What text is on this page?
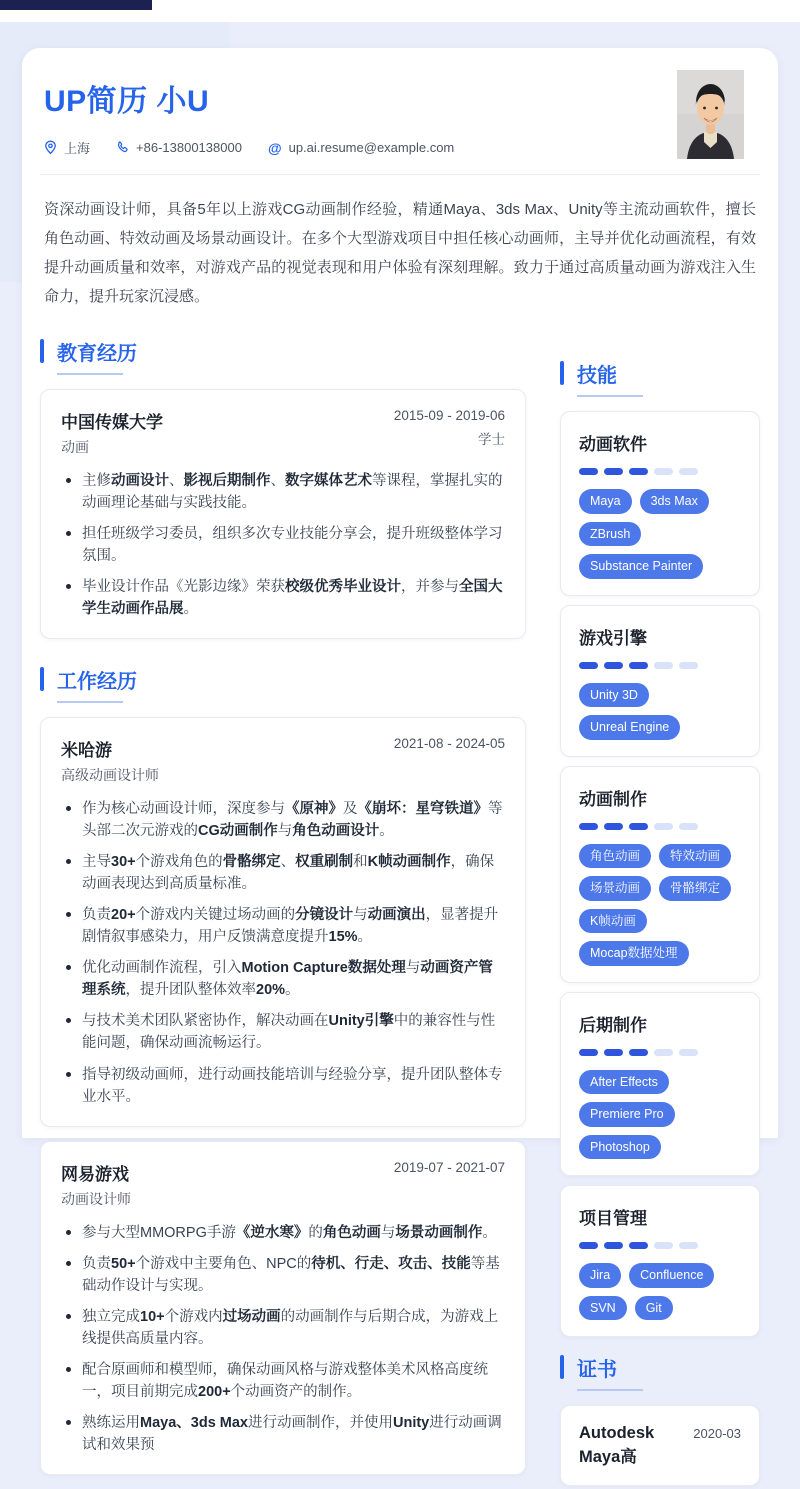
UP简历 小U
上海	+86-13800138000 @ up.ai.resume@example.com

资深动画设计师，具备5年以上游戏CG动画制作经验，精通Maya、3ds Max、Unity等主流动画软件，擅长角色动画、特效动画及场景动画设计。在多个大型游戏项目中担任核心动画师，主导并优化动画流程，有效提升动画质量和效率，对游戏产品的视觉表现和用户体验有深刻理解。致力于通过高质量动画为游戏注入生命力，提升玩家沉浸感。

教育经历
中国传媒大学
动画
2015-09 - 2019-06
学士
主修动画设计、影视后期制作、数字媒体艺术等课程，掌握扎实的动画理论基础与实践技能。
担任班级学习委员，组织多次专业技能分享会，提升班级整体学习氛围。
毕业设计作品《光影边缘》荣获校级优秀毕业设计，并参与全国大学生动画作品展。
工作经历
米哈游
高级动画设计师
2021-08 - 2024-05
作为核心动画设计师，深度参与《原神》及《崩坏：星穹铁道》等头部二次元游戏的CG动画制作与角色动画设计。
主导30+个游戏角色的骨骼绑定、权重刷制和K帧动画制作，确保动画表现达到高质量标准。
负责20+个游戏内关键过场动画的分镜设计与动画演出，显著提升剧情叙事感染力，用户反馈满意度提升15%。
优化动画制作流程，引入Motion Capture数据处理与动画资产管理系统，提升团队整体效率20%。
与技术美术团队紧密协作，解决动画在Unity引擎中的兼容性与性能问题，确保动画流畅运行。
指导初级动画师，进行动画技能培训与经验分享，提升团队整体专业水平。
网易游戏
动画设计师
2019-07 - 2021-07
参与大型MMORPG手游《逆水寒》的角色动画与场景动画制作。
负责50+个游戏中主要角色、NPC的待机、行走、攻击、技能等基础动作设计与实现。
独立完成10+个游戏内过场动画的动画制作与后期合成，为游戏上线提供高质量内容。
配合原画师和模型师，确保动画风格与游戏整体美术风格高度统一，项目前期完成200+个动画资产的制作。
熟练运用Maya、3ds Max进行动画制作，并使用Unity进行动画调试和效果预
技能
动画软件
Maya	3ds Max
ZBrush
Substance Painter
游戏引擎
Unity 3D
Unreal Engine
动画制作
角色动画	特效动画
场景动画	骨骼绑定
K帧动画
Mocap数据处理
后期制作
After Effects
Premiere Pro
Photoshop
项目管理
Jira	Confluence
SVN	Git
证书
Autodesk Maya高
2020-03
